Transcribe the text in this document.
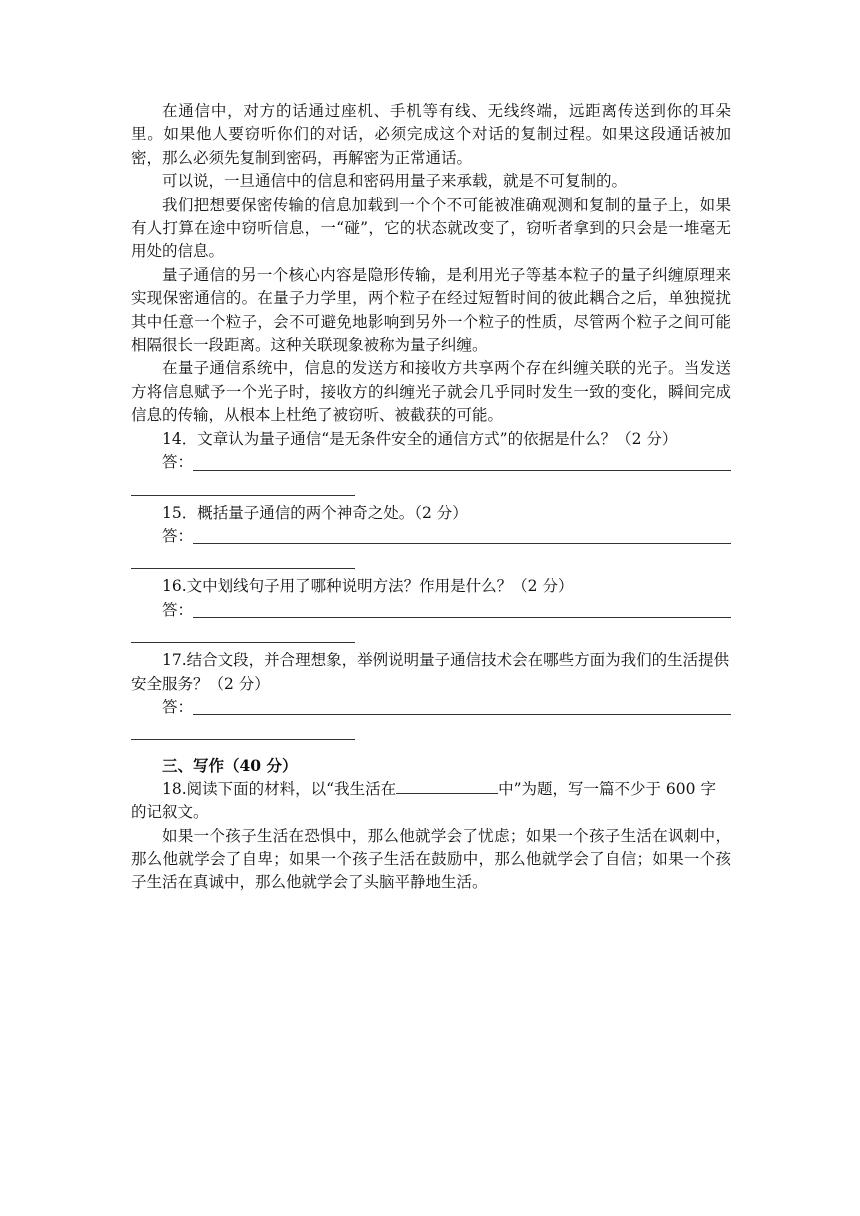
在通信中，对方的话通过座机、手机等有线、无线终端，远距离传送到你的耳朵里。如果他人要窃听你们的对话，必须完成这个对话的复制过程。如果这段通话被加密，那么必须先复制到密码，再解密为正常通话。

可以说，一旦通信中的信息和密码用量子来承载，就是不可复制的。

我们把想要保密传输的信息加载到一个个不可能被准确观测和复制的量子上，如果有人打算在途中窃听信息，一“碰”，它的状态就改变了，窃听者拿到的只会是一堆毫无用处的信息。

量子通信的另一个核心内容是隐形传输，是利用光子等基本粒子的量子纠缠原理来实现保密通信的。在量子力学里，两个粒子在经过短暂时间的彼此耦合之后，单独搅扰其中任意一个粒子，会不可避免地影响到另外一个粒子的性质，尽管两个粒子之间可能相隔很长一段距离。这种关联现象被称为量子纠缠。

在量子通信系统中，信息的发送方和接收方共享两个存在纠缠关联的光子。当发送方将信息赋予一个光子时，接收方的纠缠光子就会几乎同时发生一致的变化，瞬间完成信息的传输，从根本上杜绝了被窃听、被截获的可能。

14．文章认为量子通信“是无条件安全的通信方式”的依据是什么？（2 分）

答：

15．概括量子通信的两个神奇之处。（2 分）

答：

16.文中划线句子用了哪种说明方法？作用是什么？（2 分）

答：

17.结合文段，并合理想象，举例说明量子通信技术会在哪些方面为我们的生活提供安全服务？（2 分）

答：

三、写作（40 分）

18.阅读下面的材料，以“我生活在	中”为题，写一篇不少于 600 字的记叙文。

如果一个孩子生活在恐惧中，那么他就学会了忧虑；如果一个孩子生活在讽刺中，那么他就学会了自卑；如果一个孩子生活在鼓励中，那么他就学会了自信；如果一个孩子生活在真诚中，那么他就学会了头脑平静地生活。
